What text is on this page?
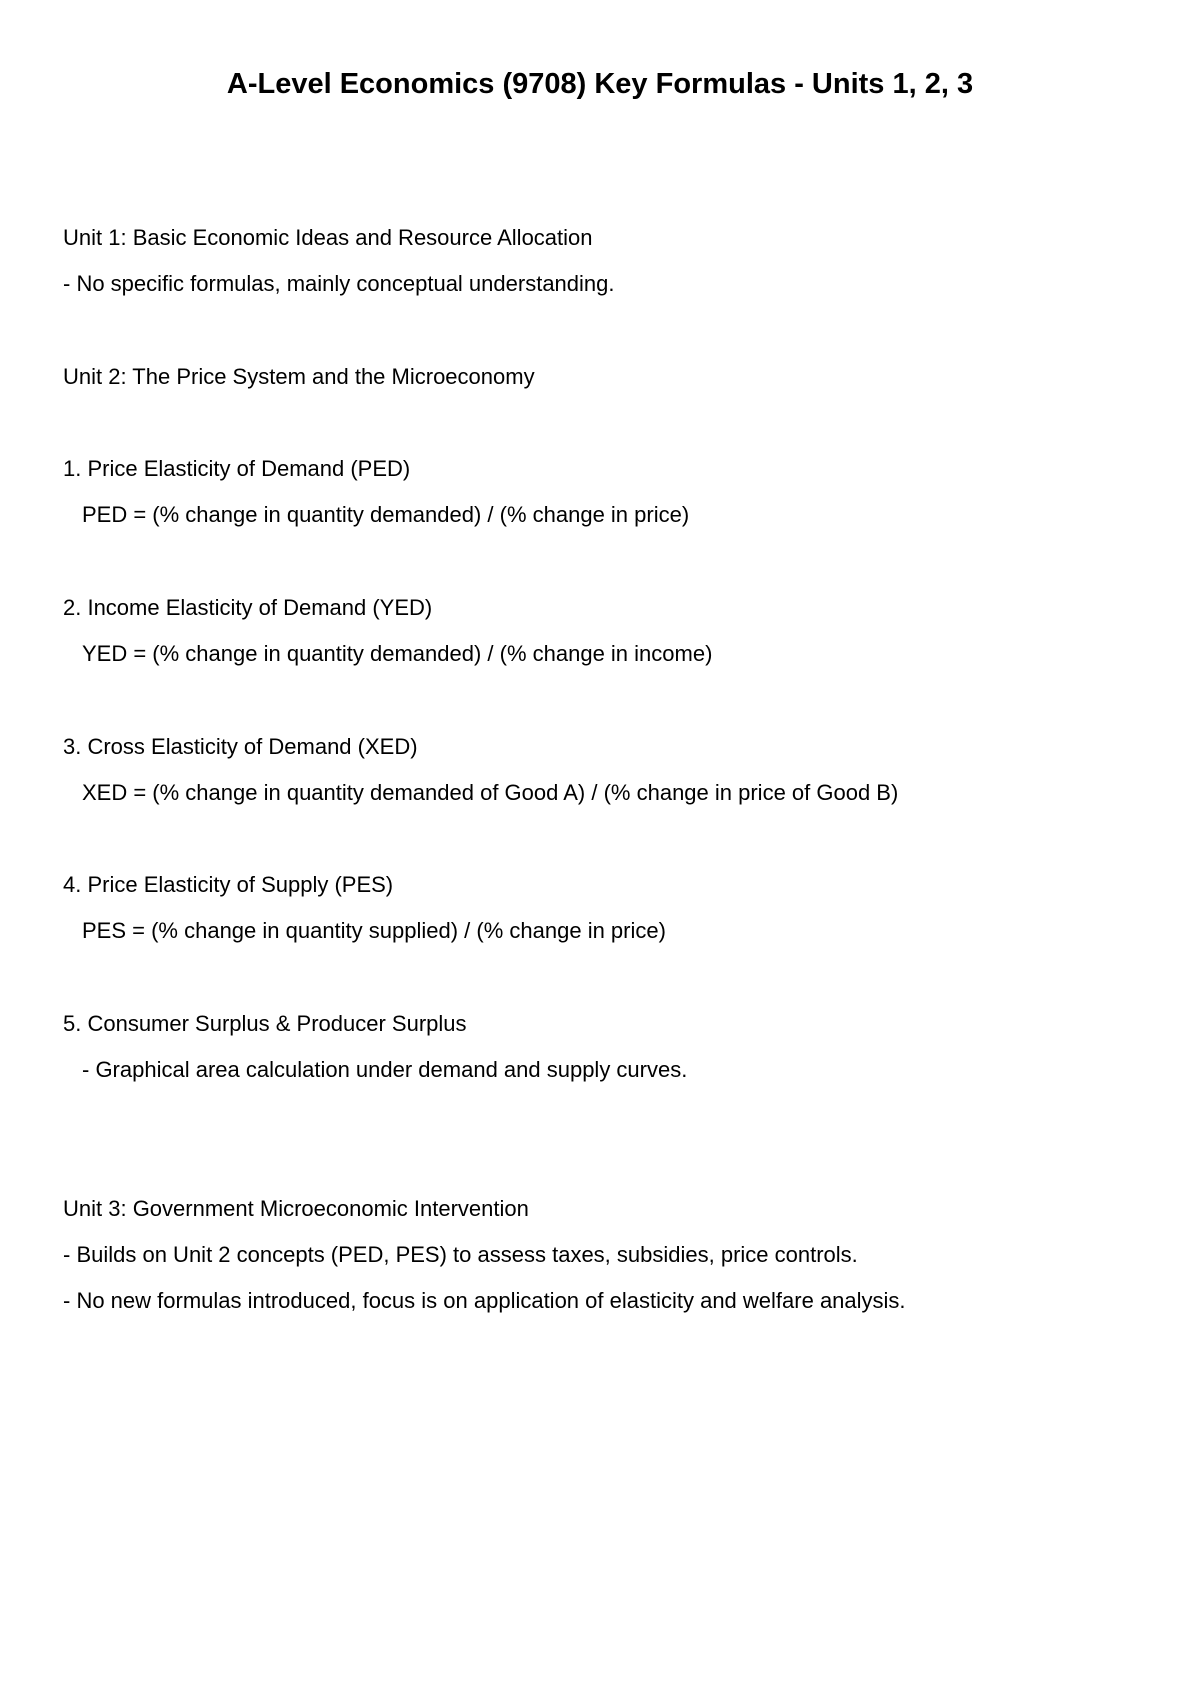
A-Level Economics (9708) Key Formulas - Units 1, 2, 3

Unit 1: Basic Economic Ideas and Resource Allocation

- No specific formulas, mainly conceptual understanding.

Unit 2: The Price System and the Microeconomy

1. Price Elasticity of Demand (PED)

PED = (% change in quantity demanded) / (% change in price)

2. Income Elasticity of Demand (YED)

YED = (% change in quantity demanded) / (% change in income)

3. Cross Elasticity of Demand (XED)

XED = (% change in quantity demanded of Good A) / (% change in price of Good B)

4. Price Elasticity of Supply (PES)

PES = (% change in quantity supplied) / (% change in price)

5. Consumer Surplus & Producer Surplus

- Graphical area calculation under demand and supply curves.

Unit 3: Government Microeconomic Intervention

- Builds on Unit 2 concepts (PED, PES) to assess taxes, subsidies, price controls.

- No new formulas introduced, focus is on application of elasticity and welfare analysis.
